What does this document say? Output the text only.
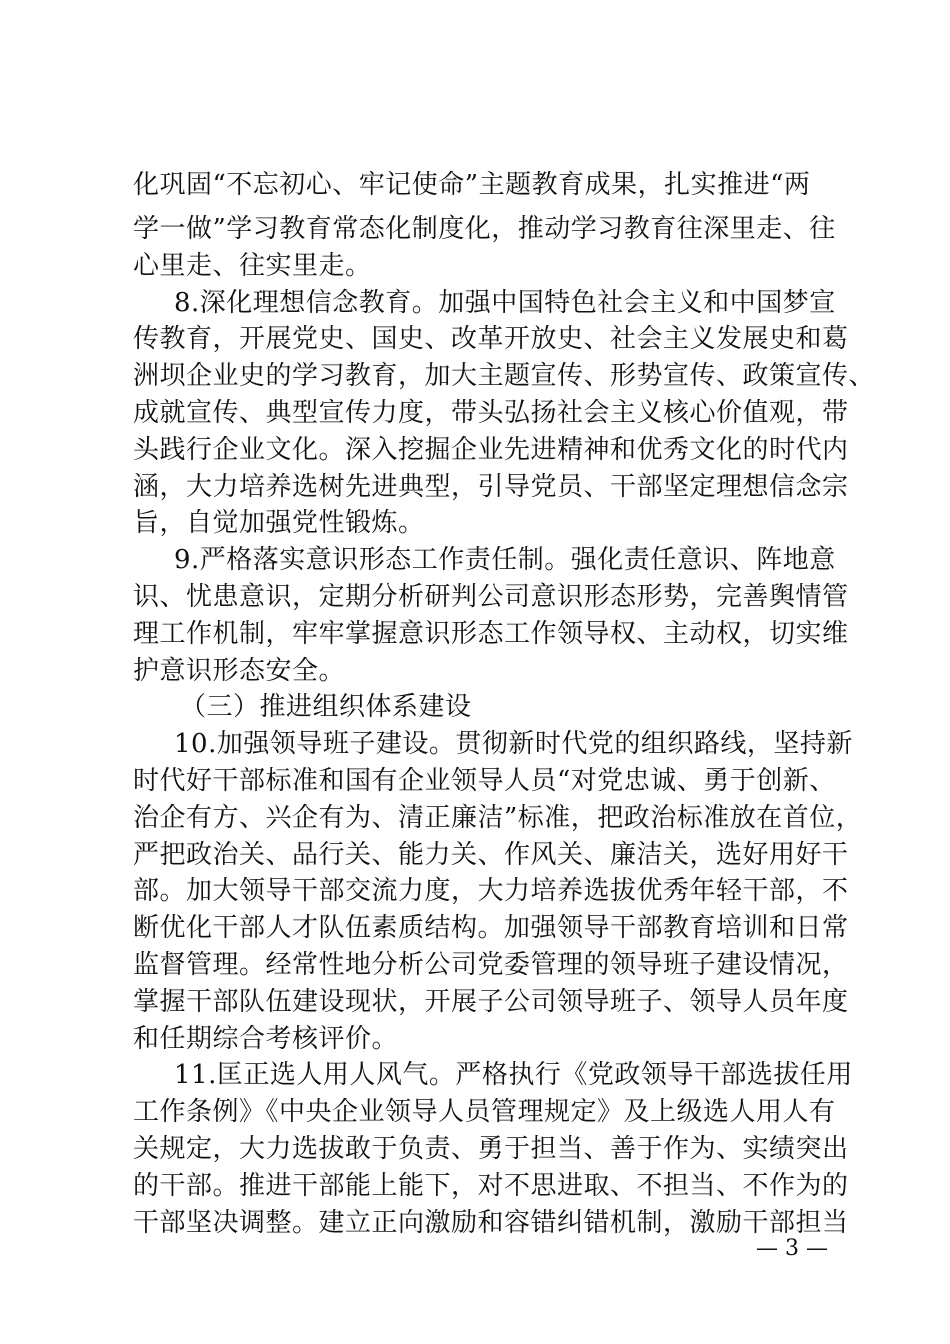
化巩固“不忘初心、牢记使命”主题教育成果，扎实推进“两
学一做”学习教育常态化制度化，推动学习教育往深里走、往
心里走、往实里走。
8.深化理想信念教育。加强中国特色社会主义和中国梦宣
传教育，开展党史、国史、改革开放史、社会主义发展史和葛
洲坝企业史的学习教育，加大主题宣传、形势宣传、政策宣传、
成就宣传、典型宣传力度，带头弘扬社会主义核心价值观，带
头践行企业文化。深入挖掘企业先进精神和优秀文化的时代内
涵，大力培养选树先进典型，引导党员、干部坚定理想信念宗
旨，自觉加强党性锻炼。
9.严格落实意识形态工作责任制。强化责任意识、阵地意
识、忧患意识，定期分析研判公司意识形态形势，完善舆情管
理工作机制，牢牢掌握意识形态工作领导权、主动权，切实维
护意识形态安全。
（三）推进组织体系建设
10.加强领导班子建设。贯彻新时代党的组织路线，坚持新
时代好干部标准和国有企业领导人员“对党忠诚、勇于创新、
治企有方、兴企有为、清正廉洁”标准，把政治标准放在首位，
严把政治关、品行关、能力关、作风关、廉洁关，选好用好干
部。加大领导干部交流力度，大力培养选拔优秀年轻干部，不
断优化干部人才队伍素质结构。加强领导干部教育培训和日常
监督管理。经常性地分析公司党委管理的领导班子建设情况，
掌握干部队伍建设现状，开展子公司领导班子、领导人员年度
和任期综合考核评价。
11.匡正选人用人风气。严格执行《党政领导干部选拔任用
工作条例》《中央企业领导人员管理规定》及上级选人用人有
关规定，大力选拔敢于负责、勇于担当、善于作为、实绩突出
的干部。推进干部能上能下，对不思进取、不担当、不作为的
干部坚决调整。建立正向激励和容错纠错机制，激励干部担当
— 3 —
